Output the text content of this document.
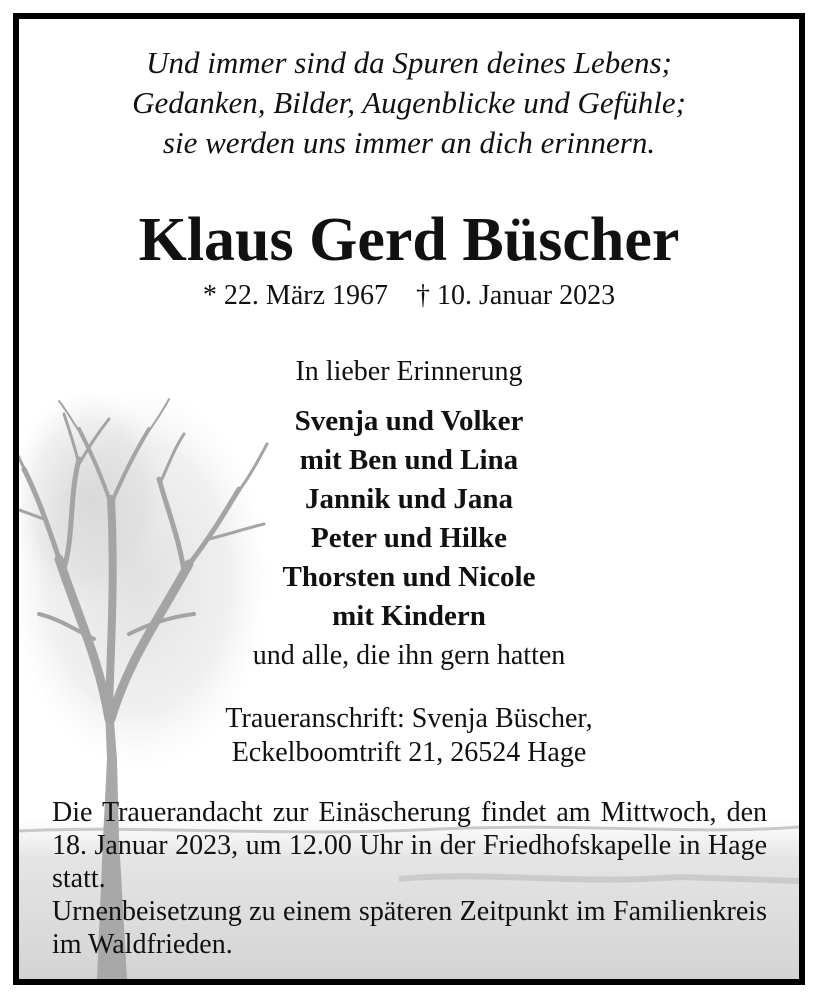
Und immer sind da Spuren deines Lebens;
Gedanken, Bilder, Augenblicke und Gefühle;
sie werden uns immer an dich erinnern.
Klaus Gerd Büscher
* 22. März 1967 † 10. Januar 2023
In lieber Erinnerung
Svenja und Volker
mit Ben und Lina
Jannik und Jana
Peter und Hilke
Thorsten und Nicole
mit Kindern
und alle, die ihn gern hatten
Traueranschrift: Svenja Büscher,
Eckelboomtrift 21, 26524 Hage

Die Trauerandacht zur Einäscherung findet am Mittwoch, den 18. Januar 2023, um 12.00 Uhr in der Friedhofskapelle in Hage statt.

Urnenbeisetzung zu einem späteren Zeitpunkt im Familienkreis im Waldfrieden.
